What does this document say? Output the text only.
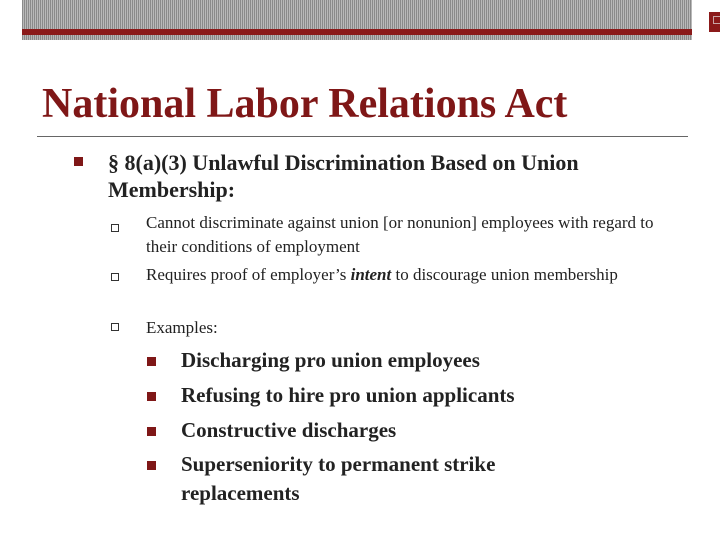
National Labor Relations Act

§ 8(a)(3) Unlawful Discrimination Based on Union Membership:

Cannot discriminate against union [or nonunion] employees with regard to their conditions of employment

Requires proof of employer’s intent to discourage union membership

Examples:

Discharging pro union employees

Refusing to hire pro union applicants

Constructive discharges

Superseniority to permanent strike replacements
